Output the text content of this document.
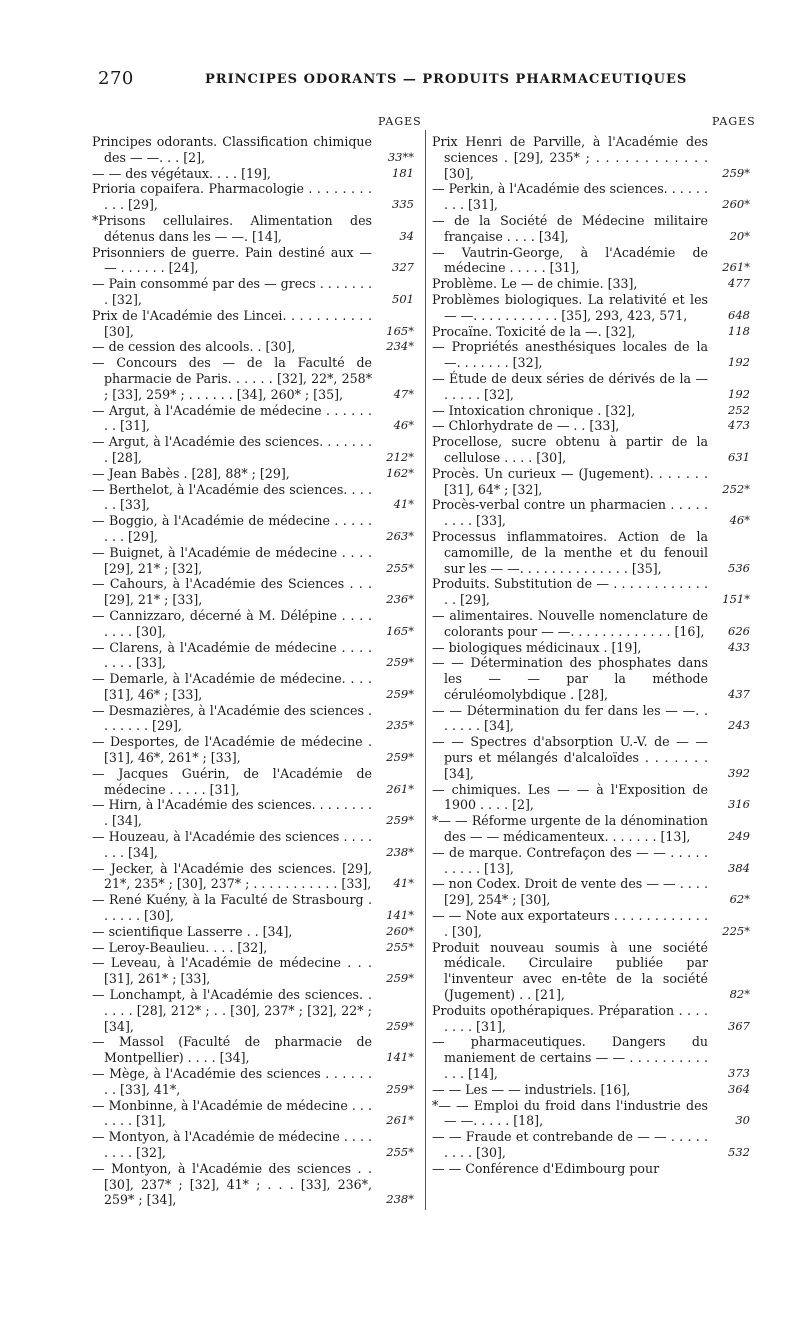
270	PRINCIPES ODORANTS — PRODUITS PHARMACEUTIQUES
PAGES	PAGES
Principes odorants. Classification chimique des — —. . . [2],	33**
— — des végétaux. . . . [19],	181
Prioria copaifera. Pharmacologie . . . . . . . . . . . [29],	335
*Prisons cellulaires. Alimentation des détenus dans les — —. [14],	34
Prisonniers de guerre. Pain destiné aux — — . . . . . . [24],	327
— Pain consommé par des — grecs . . . . . . . . [32],	501
Prix de l'Académie des Lincei. . . . . . . . . . . [30],	165*
— de cession des alcools. . [30],	234*
— Concours des — de la Faculté de pharmacie de Paris. . . . . . [32], 22*, 258* ; [33], 259* ; . . . . . . [34], 260* ; [35],	47*
— Argut, à l'Académie de médecine . . . . . . . . [31],	46*
— Argut, à l'Académie des sciences. . . . . . . . [28],	212*
— Jean Babès . [28], 88* ; [29],	162*
— Berthelot, à l'Académie des sciences. . . . . . [33],	41*
— Boggio, à l'Académie de médecine . . . . . . . . [29],	263*
— Buignet, à l'Académie de médecine . . . . [29], 21* ; [32],	255*
— Cahours, à l'Académie des Sciences . . . [29], 21* ; [33],	236*
— Cannizzaro, décerné à M. Délépine . . . . . . . . [30],	165*
— Clarens, à l'Académie de médecine . . . . . . . . [33],	259*
— Demarle, à l'Académie de médecine. . . . [31], 46* ; [33],	259*
— Desmazières, à l'Académie des sciences . . . . . . . [29],	235*
— Desportes, de l'Académie de médecine . [31], 46*, 261* ; [33],	259*
— Jacques Guérin, de l'Académie de médecine . . . . . [31],	261*
— Hirn, à l'Académie des sciences. . . . . . . . . [34],	259*
— Houzeau, à l'Académie des sciences . . . . . . . [34],	238*
— Jecker, à l'Académie des sciences. [29], 21*, 235* ; [30], 237* ; . . . . . . . . . . . [33],	41*
— René Kuény, à la Faculté de Strasbourg . . . . . . [30],	141*
— scientifique Lasserre . . [34],	260*
— Leroy-Beaulieu. . . . [32],	255*
— Leveau, à l'Académie de médecine . . . [31], 261* ; [33],	259*
— Lonchampt, à l'Académie des sciences. . . . . . [28], 212* ; . . [30], 237* ; [32], 22* ; [34],	259*
— Massol (Faculté de pharmacie de Montpellier) . . . . [34],	141*
— Mège, à l'Académie des sciences . . . . . . . . [33], 41*,	259*
— Monbinne, à l'Académie de médecine . . . . . . . [31],	261*
— Montyon, à l'Académie de médecine . . . . . . . . [32],	255*
— Montyon, à l'Académie des sciences . . [30], 237* ; [32], 41* ; . . . [33], 236*, 259* ; [34],	238*
Prix Henri de Parville, à l'Académie des sciences . [29], 235* ; . . . . . . . . . . . . [30],	259*
— Perkin, à l'Académie des sciences. . . . . . . . . [31],	260*
— de la Société de Médecine militaire française . . . . [34],	20*
— Vautrin-George, à l'Académie de médecine . . . . . [31],	261*
Problème. Le — de chimie. [33],	477
Problèmes biologiques. La relativité et les — —. . . . . . . . . . . [35], 293, 423, 571,	648
Procaïne. Toxicité de la —. [32],	118
— Propriétés anesthésiques locales de la —. . . . . . . [32],	192
— Étude de deux séries de dérivés de la — . . . . . [32],	192
— Intoxication chronique . [32],	252
— Chlorhydrate de — . . [33],	473
Procellose, sucre obtenu à partir de la cellulose . . . . [30],	631
Procès. Un curieux — (Jugement). . . . . . . [31], 64* ; [32],	252*
Procès-verbal contre un pharmacien . . . . . . . . . [33],	46*
Processus inflammatoires. Action de la camomille, de la menthe et du fenouil sur les — —. . . . . . . . . . . . . . [35],	536
Produits. Substitution de — . . . . . . . . . . . . . . [29],	151*
— alimentaires. Nouvelle nomenclature de colorants pour — —. . . . . . . . . . . . . [16],	626
— biologiques médicinaux . [19],	433
— — Détermination des phosphates dans les — — par la méthode céruléomolybdique . [28],	437
— — Détermination du fer dans les — —. . . . . . . [34],	243
— — Spectres d'absorption U.-V. de — — purs et mélangés d'alcaloïdes . . . . . . . [34],	392
— chimiques. Les — — à l'Exposition de 1900 . . . . [2],	316
*— — Réforme urgente de la dénomination des — — médicamenteux. . . . . . . [13],	249
— de marque. Contrefaçon des — — . . . . . . . . . . [13],	384
— non Codex. Droit de vente des — — . . . . [29], 254* ; [30],	62*
— — Note aux exportateurs . . . . . . . . . . . . . [30],	225*
Produit nouveau soumis à une société médicale. Circulaire publiée par l'inventeur avec en-tête de la société (Jugement) . . [21],	82*
Produits opothérapiques. Préparation . . . . . . . . [31],	367
— pharmaceutiques. Dangers du maniement de certains — — . . . . . . . . . . . . . [14],	373
— — Les — — industriels. [16],	364
*— — Emploi du froid dans l'industrie des — —. . . . . [18],	30
— — Fraude et contrebande de — — . . . . . . . . . [30],	532
— — Conférence d'Edimbourg pour
